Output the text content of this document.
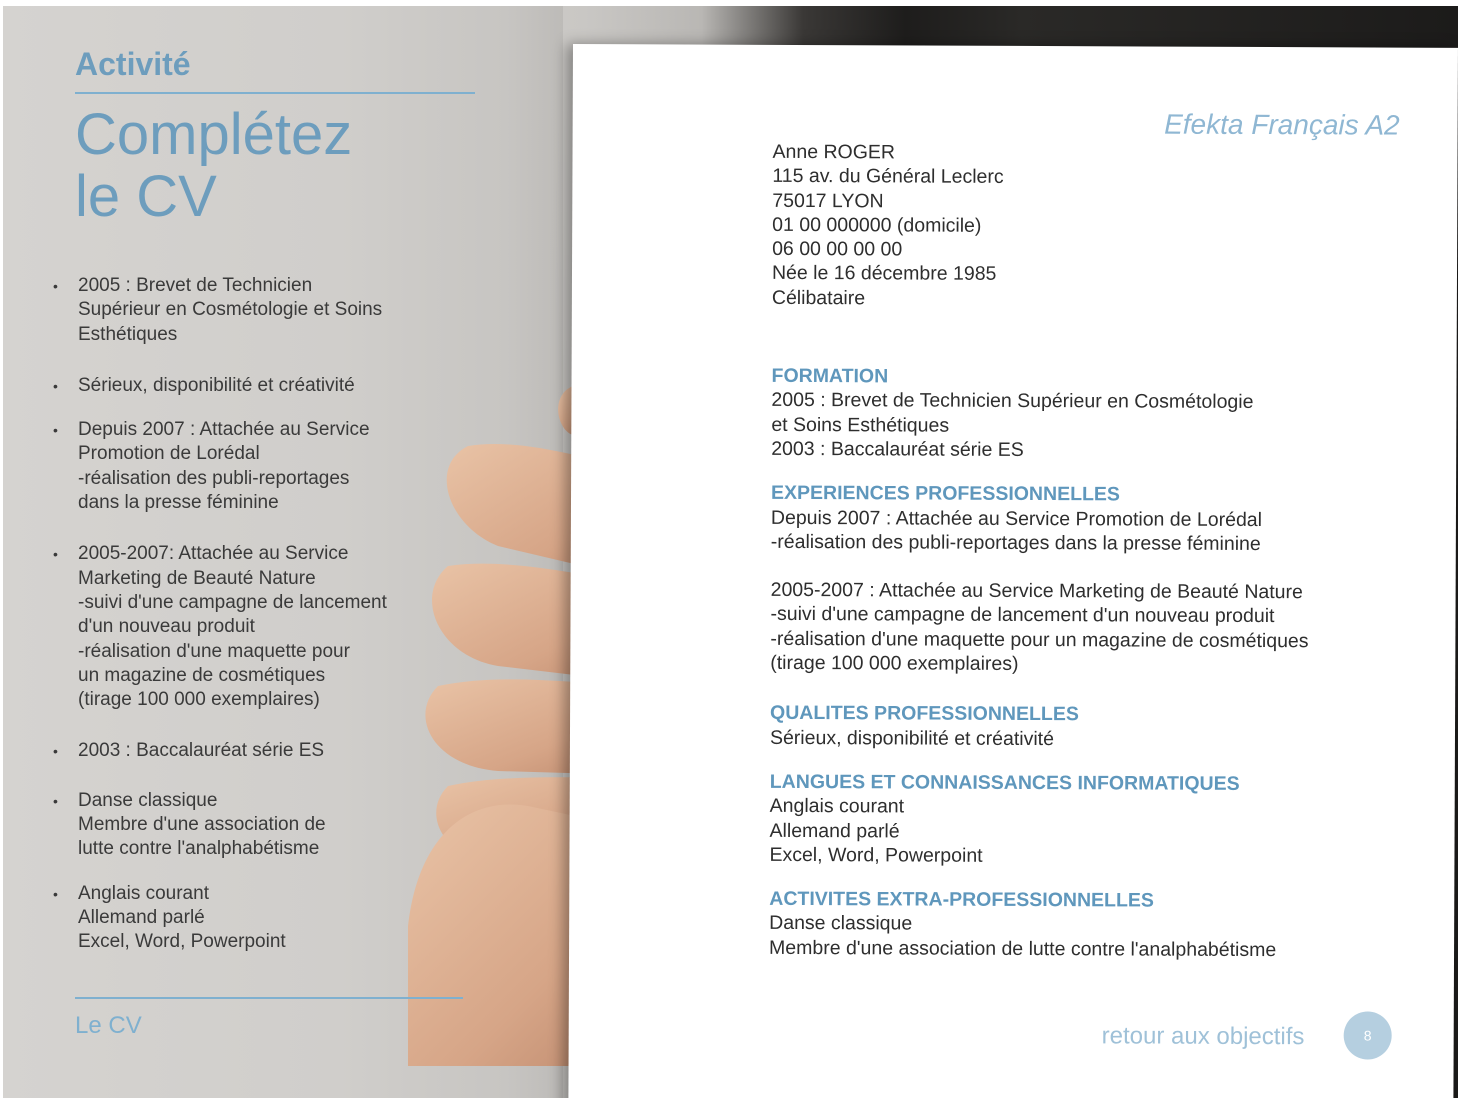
Activité
Complétez
le CV
• 2005 : Brevet de Technicien
Supérieur en Cosmétologie et Soins
Esthétiques
• Sérieux, disponibilité et créativité
• Depuis 2007 : Attachée au Service
Promotion de Lorédal
-réalisation des publi-reportages
dans la presse féminine
• 2005-2007: Attachée au Service
Marketing de Beauté Nature
-suivi d'une campagne de lancement
d'un nouveau produit
-réalisation d'une maquette pour
un magazine de cosmétiques
(tirage 100 000 exemplaires)
• 2003 : Baccalauréat série ES
• Danse classique
Membre d'une association de
lutte contre l'analphabétisme
• Anglais courant
Allemand parlé
Excel, Word, Powerpoint
Le CV
Efekta Français A2
Anne ROGER
115 av. du Général Leclerc
75017 LYON
01 00 000000 (domicile)
06 00 00 00 00
Née le 16 décembre 1985
Célibataire
FORMATION
2005 : Brevet de Technicien Supérieur en Cosmétologie
et Soins Esthétiques
2003 : Baccalauréat série ES
EXPERIENCES PROFESSIONNELLES
Depuis 2007 : Attachée au Service Promotion de Lorédal
-réalisation des publi-reportages dans la presse féminine
2005-2007 : Attachée au Service Marketing de Beauté Nature
-suivi d'une campagne de lancement d'un nouveau produit
-réalisation d'une maquette pour un magazine de cosmétiques
(tirage 100 000 exemplaires)
QUALITES PROFESSIONNELLES
Sérieux, disponibilité et créativité
LANGUES ET CONNAISSANCES INFORMATIQUES
Anglais courant
Allemand parlé
Excel, Word, Powerpoint
ACTIVITES EXTRA-PROFESSIONNELLES
Danse classique
Membre d'une association de lutte contre l'analphabétisme
retour aux objectifs	8
